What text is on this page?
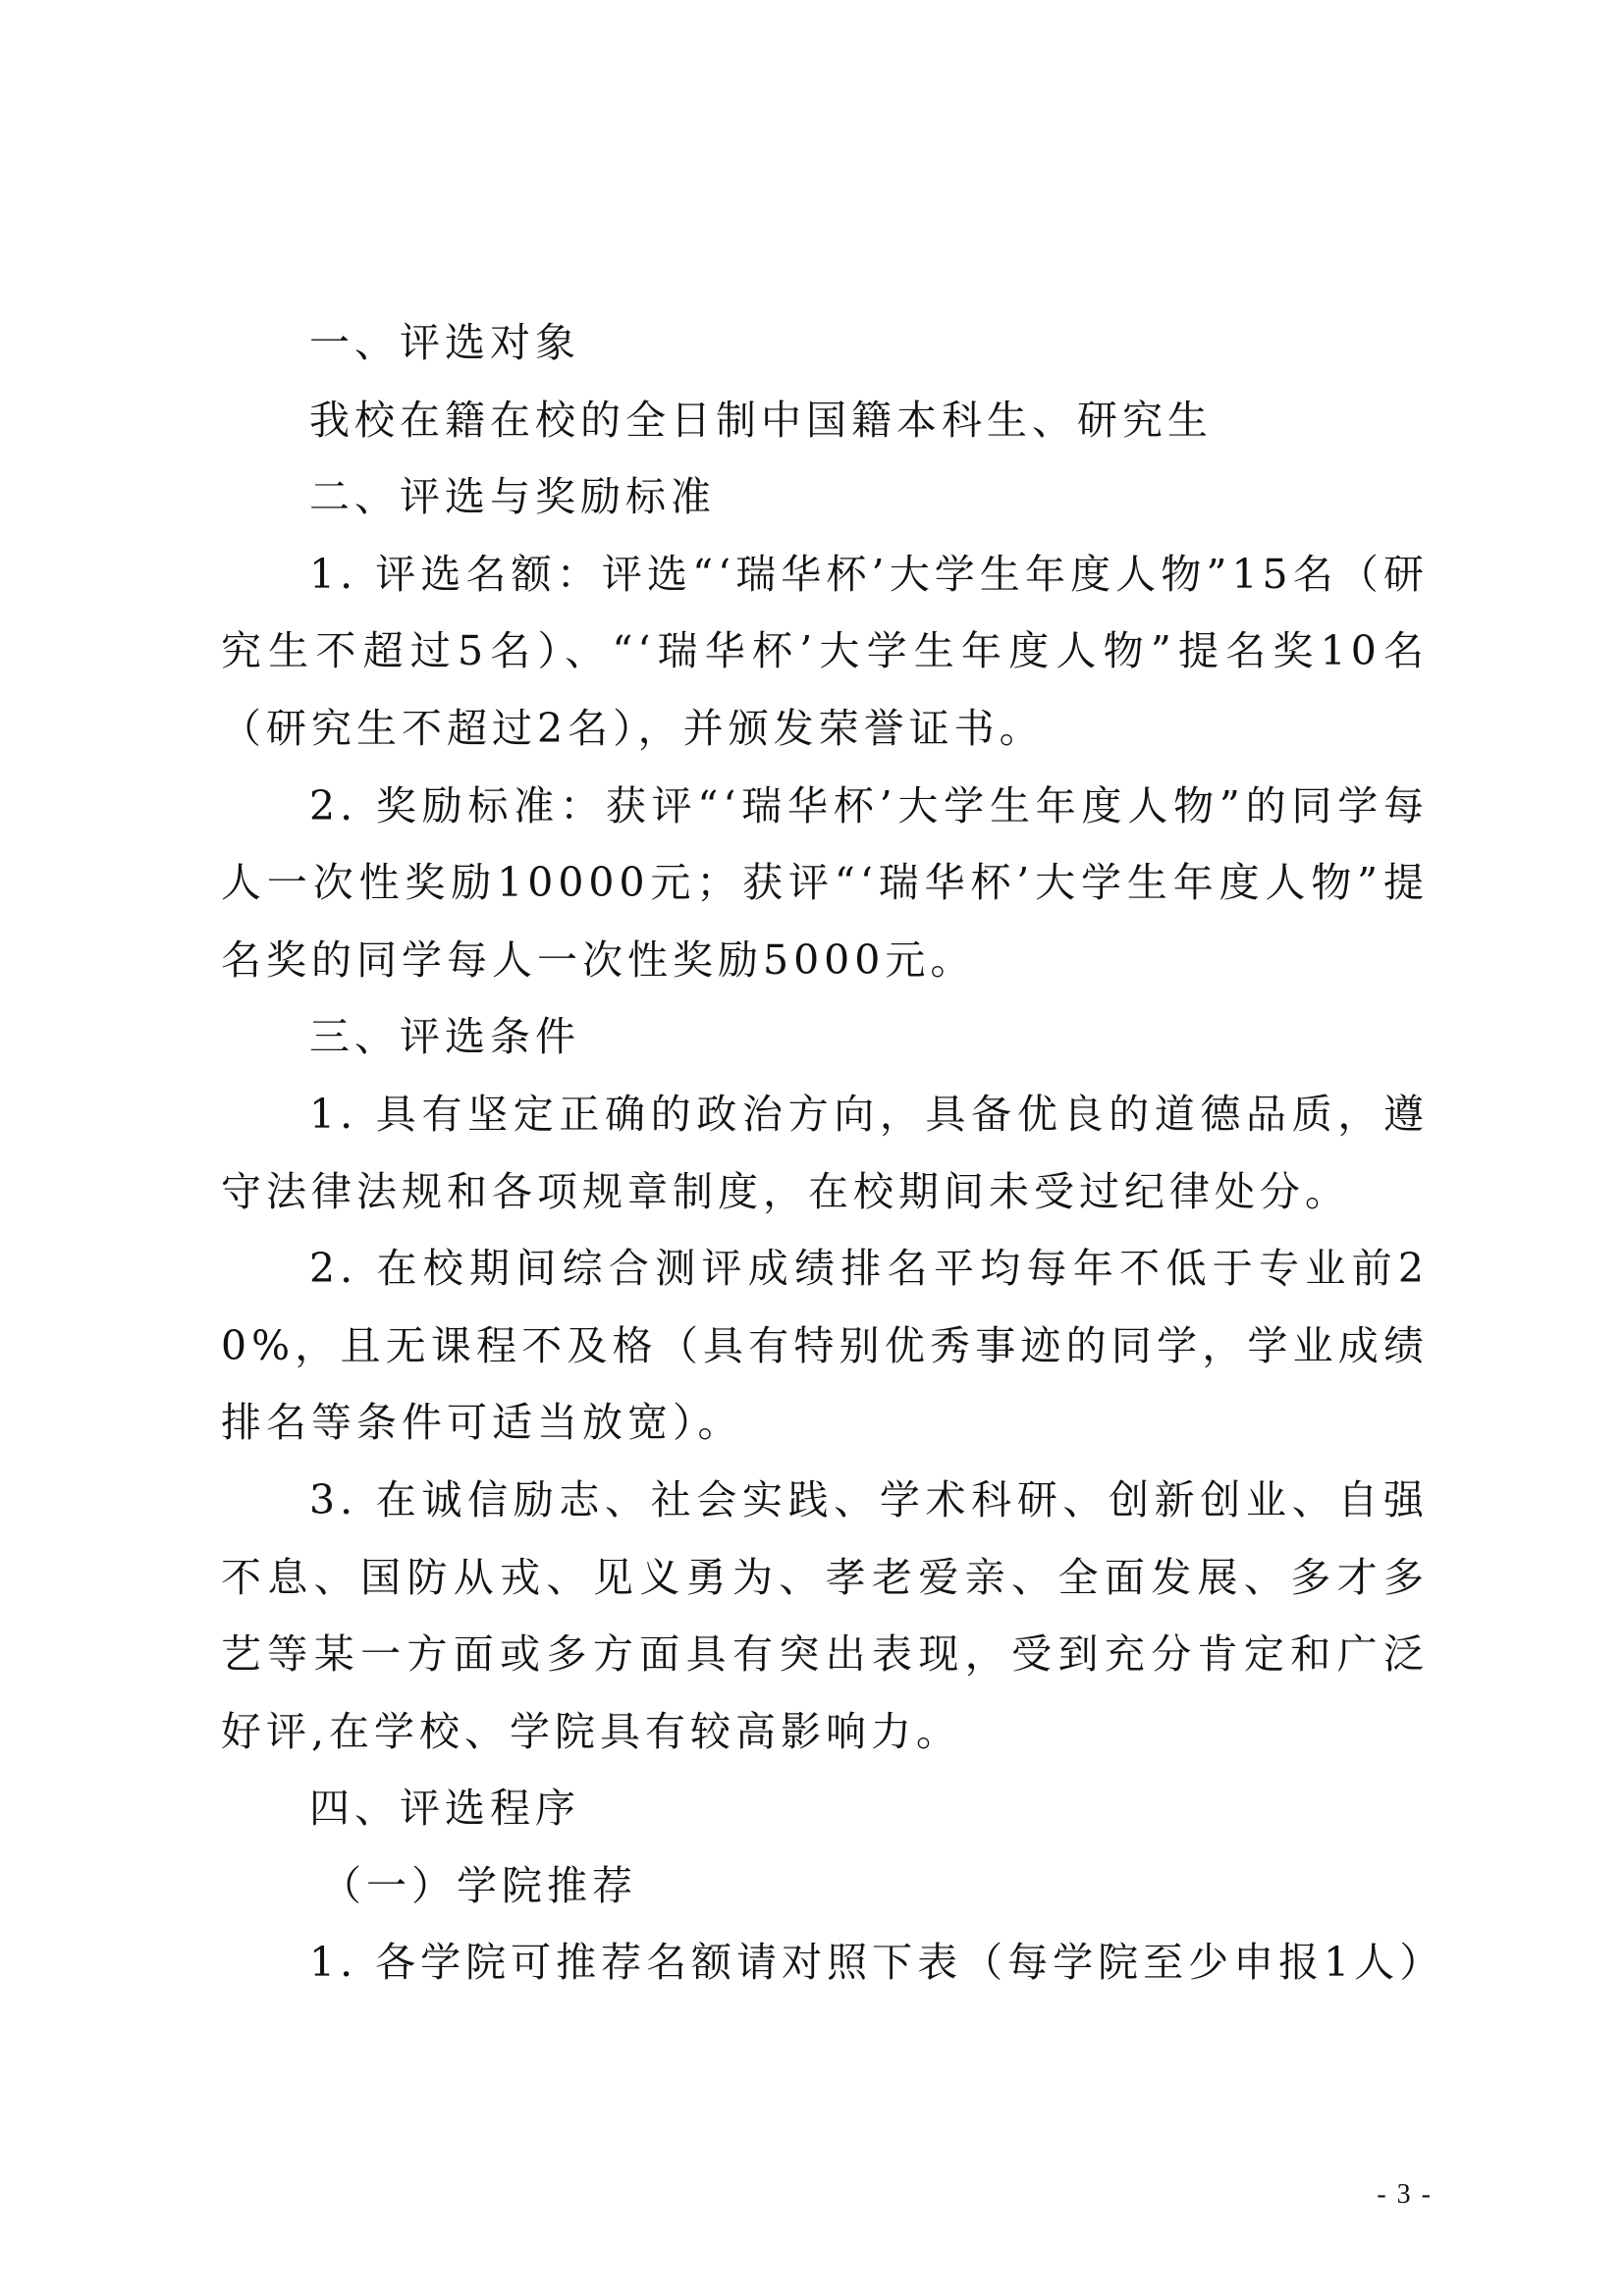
一、评选对象

我校在籍在校的全日制中国籍本科生、研究生

二、评选与奖励标准

1. 评选名额：评选“‘瑞华杯’大学生年度人物”15名（研究生不超过5名）、“‘瑞华杯’大学生年度人物”提名奖10名（研究生不超过2名），并颁发荣誉证书。

2. 奖励标准：获评“‘瑞华杯’大学生年度人物”的同学每人一次性奖励10000元；获评“‘瑞华杯’大学生年度人物”提名奖的同学每人一次性奖励5000元。

三、评选条件

1. 具有坚定正确的政治方向，具备优良的道德品质，遵守法律法规和各项规章制度，在校期间未受过纪律处分。

2. 在校期间综合测评成绩排名平均每年不低于专业前20%，且无课程不及格（具有特别优秀事迹的同学，学业成绩排名等条件可适当放宽）。

3. 在诚信励志、社会实践、学术科研、创新创业、自强不息、国防从戎、见义勇为、孝老爱亲、全面发展、多才多艺等某一方面或多方面具有突出表现，受到充分肯定和广泛好评,在学校、学院具有较高影响力。

四、评选程序

（一）学院推荐

1. 各学院可推荐名额请对照下表（每学院至少申报1人）

- 3 -
